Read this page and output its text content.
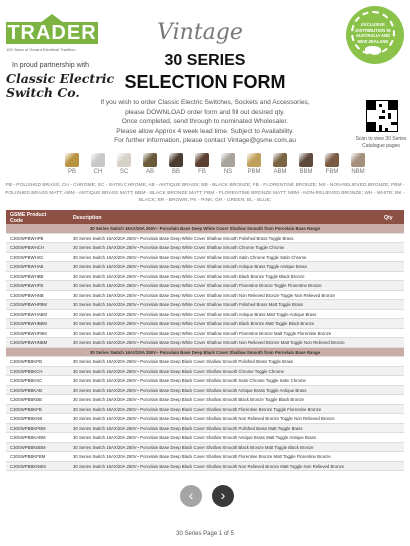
TRADER
100 Years of Gerard Electrical Tradition
In proud partnership with
Classic Electric Switch Co.
Vintage
30 SERIES
SELECTION FORM
If you wish to order Classic Electric Switches, Sockets and Accessories,
please DOWNLOAD order form and fill out desired qty.
Once completed, send through to nominated Wholesaler.
Please allow Approx 4 week lead time. Subject to Availability.
For further information, please contact Vintage@gsme.com.au
EXCLUSIVE DISTRIBUTION IN AUSTRALIA AND NEW ZEALAND
Scan to view 30 Series Catalogue pages
PB	CH	SC	AB	BB	FB	NS	PBM	ABM	BBM	FBM	NBM
PB - POLISHED BRASS; CH - CHROME; SC - SATIN CHROME; AB - ANTIQUE BRASS; BB - BLACK BRONZE; FB - FLORENTINE BRONZE; NS - NON-RELIEVED BRONZE; PBM - POLISHED BRASS MATT; ABM - ANTIQUE BRASS MATT; BBM - BLACK BRONZE MATT; FBM - FLORENTINE BRONZE MATT; NBM - NON-RELIEVED BRONZE; WH - WHITE; BK - BLACK; BR - BROWN; PK - PINK; GR - GREEN; BL - BLUE;
GSME Product Code	Description	Qty
30 Series Switch 16AX/20A 250V~ Porcelain Base Deep White Cover Shallow Smooth from Porcelain Base Range
C30SWPBWHPB	30 Series Switch 16AX/20A 250V~ Porcelain Base Deep White Cover Shallow Smooth Polished Brass Toggle Brass
C30SWPBWHCH	30 Series Switch 16AX/20A 250V~ Porcelain Base Deep White Cover Shallow Smooth Chrome Toggle Chrome
C30SWPBWHSC	30 Series Switch 16AX/20A 250V~ Porcelain Base Deep White Cover Shallow Smooth Satin Chrome Toggle Satin Chrome
C30SWPBWHAB	30 Series Switch 16AX/20A 250V~ Porcelain Base Deep White Cover Shallow Smooth Antique Brass Toggle Antique Brass
C30SWPBWHBB	30 Series Switch 16AX/20A 250V~ Porcelain Base Deep White Cover Shallow Smooth Black Bronze Toggle Black Bronze
C30SWPBWHFB	30 Series Switch 16AX/20A 250V~ Porcelain Base Deep White Cover Shallow Smooth Florentine Bronze Toggle Florentine Bronze
C30SWPBWHNB	30 Series Switch 16AX/20A 250V~ Porcelain Base Deep White Cover Shallow Smooth Non Relieved Bronze Toggle Non Relieved Bronze
C30SWPBWHPBM	30 Series Switch 16AX/20A 250V~ Porcelain Base Deep White Cover Shallow Smooth Polished Brass Matt Toggle Brass
C30SWPBWHABM	30 Series Switch 16AX/20A 250V~ Porcelain Base Deep White Cover Shallow Smooth Antique Brass Matt Toggle Antique Brass
C30SWPBWHBBM	30 Series Switch 16AX/20A 250V~ Porcelain Base Deep White Cover Shallow Smooth Black Bronze Matt Toggle Black Bronze
C30SWPBWHFBM	30 Series Switch 16AX/20A 250V~ Porcelain Base Deep White Cover Shallow Smooth Florentine Bronze Matt Toggle Florentine Bronze
C30SWPBWHNBM	30 Series Switch 16AX/20A 250V~ Porcelain Base Deep White Cover Shallow Smooth Non Relieved Bronze Matt Toggle Non Relieved Bronze
30 Series Switch 16AX/20A 250V~ Porcelain Base Deep Black Cover Shallow Smooth from Porcelain Base Range
C30SWPBBKPB	30 Series Switch 16AX/20A 250V~ Porcelain Base Deep Black Cover Shallow Smooth Polished Brass Toggle Brass
C30SWPBBKCH	30 Series Switch 16AX/20A 250V~ Porcelain Base Deep Black Cover Shallow Smooth Chrome Toggle Chrome
C30SWPBBKSC	30 Series Switch 16AX/20A 250V~ Porcelain Base Deep Black Cover Shallow Smooth Satin Chrome Toggle Satin Chrome
C30SWPBBKAB	30 Series Switch 16AX/20A 250V~ Porcelain Base Deep Black Cover Shallow Smooth Antique Brass Toggle Antique Brass
C30SWPBBKBB	30 Series Switch 16AX/20A 250V~ Porcelain Base Deep Black Cover Shallow Smooth Black Bronze Toggle Black Bronze
C30SWPBBKFB	30 Series Switch 16AX/20A 250V~ Porcelain Base Deep Black Cover Shallow Smooth Florentine Bronze Toggle Florentine Bronze
C30SWPBBKNB	30 Series Switch 16AX/20A 250V~ Porcelain Base Deep Black Cover Shallow Smooth Non Relieved Bronze Toggle Non Relieved Bronze
C30SWPBBKPBM	30 Series Switch 16AX/20A 250V~ Porcelain Base Deep Black Cover Shallow Smooth Polished Brass Matt Toggle Brass
C30SWPBBKABM	30 Series Switch 16AX/20A 250V~ Porcelain Base Deep Black Cover Shallow Smooth Antique Brass Matt Toggle Antique Brass
C30SWPBBKBBM	30 Series Switch 16AX/20A 250V~ Porcelain Base Deep Black Cover Shallow Smooth Black Bronze Matt Toggle Black Bronze
C30SWPBBKFBM	30 Series Switch 16AX/20A 250V~ Porcelain Base Deep Black Cover Shallow Smooth Florentine Bronze Matt Toggle Florentine Bronze
C30SWPBBKNBM	30 Series Switch 16AX/20A 250V~ Porcelain Base Deep Black Cover Shallow Smooth Non Relieved Bronze Matt Toggle Non Relieved Bronze
‹	›
30 Series Page 1 of 5
